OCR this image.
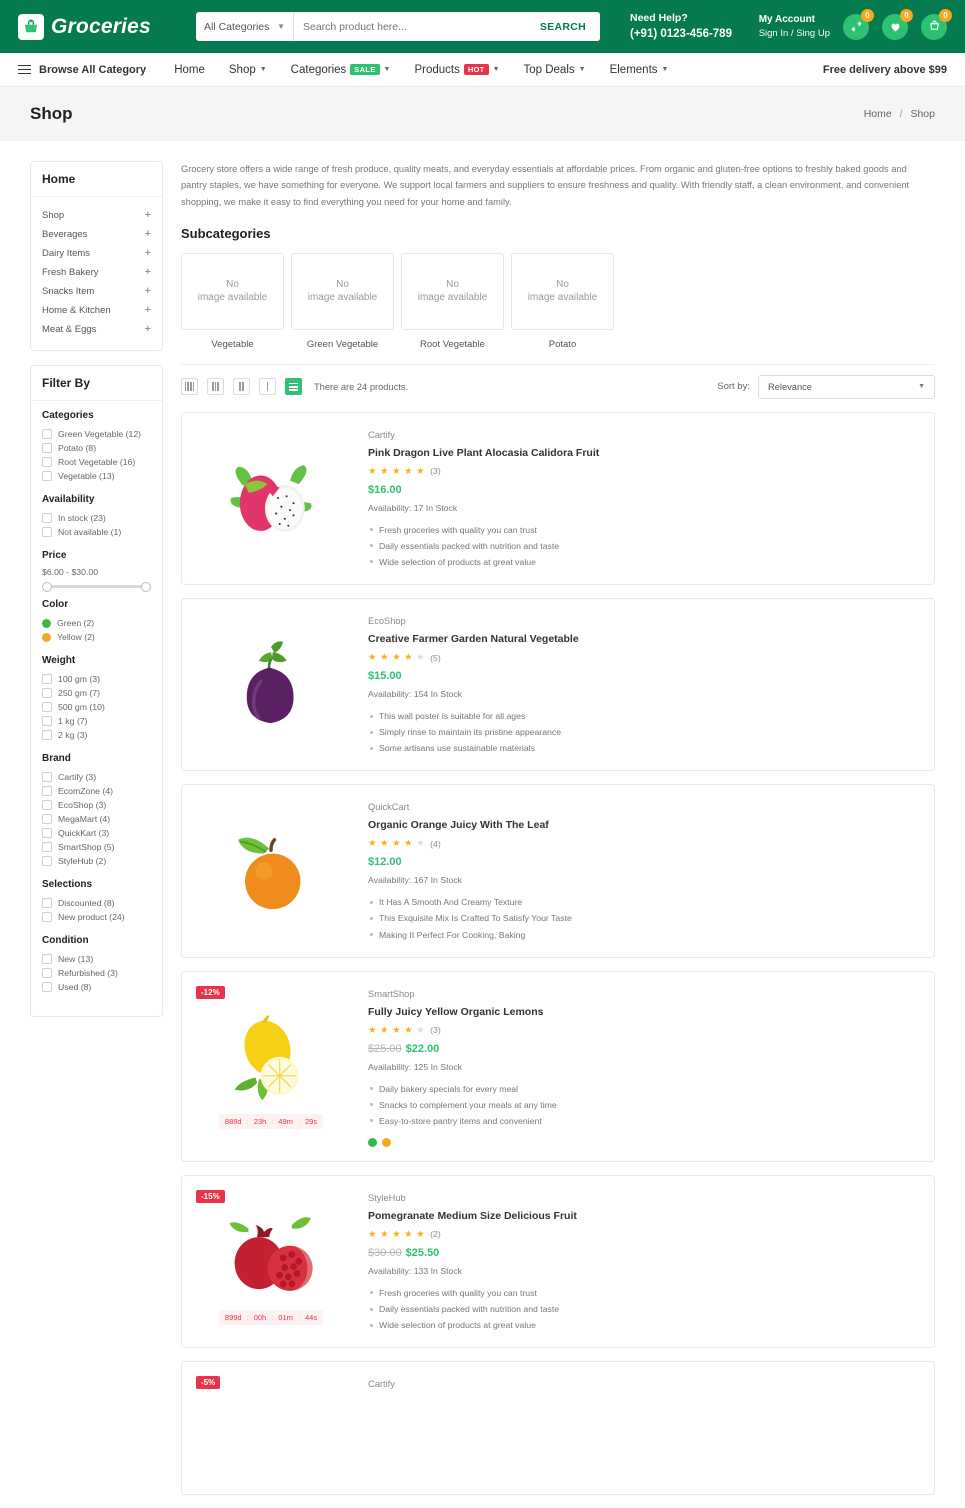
Groceries	All Categories ▼
Search product here...	SEARCH
Need Help?
(+91) 0123-456-789
My Account
Sign In / Sing Up
0	0	0
Browse All Category Home Shop ▼ Categories	SALE	▼ Products	HOT	▼ Top Deals ▼ Elements ▼	Free delivery above $99
Shop	Home / Shop
Home
Shop	+
Beverages	+
Dairy Items	+
Fresh Bakery	+
Snacks Item	+
Home & Kitchen	+
Meat & Eggs	+
Filter By
Categories
Green Vegetable (12)
Potato (8)
Root Vegetable (16)
Vegetable (13)
Availability
In stock (23)
Not available (1)
Price
$6.00 - $30.00
Color
Green (2)
Yellow (2)
Weight
100 gm (3)
250 gm (7)
500 gm (10)
1 kg (7)
2 kg (3)
Brand
Cartify (3)
EcomZone (4)
EcoShop (3)
MegaMart (4)
QuickKart (3)
SmartShop (5)
StyleHub (2)
Selections
Discounted (8)
New product (24)
Condition
New (13)
Refurbished (3)
Used (8)
Grocery store offers a wide range of fresh produce, quality meats, and everyday essentials at affordable prices. From organic and gluten-free options to freshly baked goods and pantry staples, we have something for everyone. We support local farmers and suppliers to ensure freshness and quality. With friendly staff, a clean environment, and convenient shopping, we make it easy to find everything you need for your home and family.
Subcategories
No
image available
Vegetable
No
image available
Green Vegetable
No
image available
Root Vegetable
No
image available
Potato
There are 24 products.	Sort by: Relevance	▼
Cartify
Pink Dragon Live Plant Alocasia Calidora Fruit
★ ★ ★ ★ ★ (3)
$16.00
Availability: 17 In Stock
Fresh groceries with quality you can trust
Daily essentials packed with nutrition and taste
Wide selection of products at great value
EcoShop
Creative Farmer Garden Natural Vegetable
★ ★ ★ ★ ★ (5)
$15.00
Availability: 154 In Stock
This wall poster is suitable for all ages
Simply rinse to maintain its pristine appearance
Some artisans use sustainable materials
QuickCart
Organic Orange Juicy With The Leaf
★ ★ ★ ★ ★ (4)
$12.00
Availability: 167 In Stock
It Has A Smooth And Creamy Texture
This Exquisite Mix Is Crafted To Satisfy Your Taste
Making It Perfect For Cooking, Baking
-12%
888d : 23h : 49m : 29s
SmartShop
Fully Juicy Yellow Organic Lemons
★ ★ ★ ★ ★ (3)
$25.00 $22.00
Availability: 125 In Stock
Daily bakery specials for every meal
Snacks to complement your meals at any time
Easy-to-store pantry items and convenient
-15%
899d : 00h : 01m : 44s
StyleHub
Pomegranate Medium Size Delicious Fruit
★ ★ ★ ★ ★ (2)
$30.00 $25.50
Availability: 133 In Stock
Fresh groceries with quality you can trust
Daily essentials packed with nutrition and taste
Wide selection of products at great value
-5%	Cartify
